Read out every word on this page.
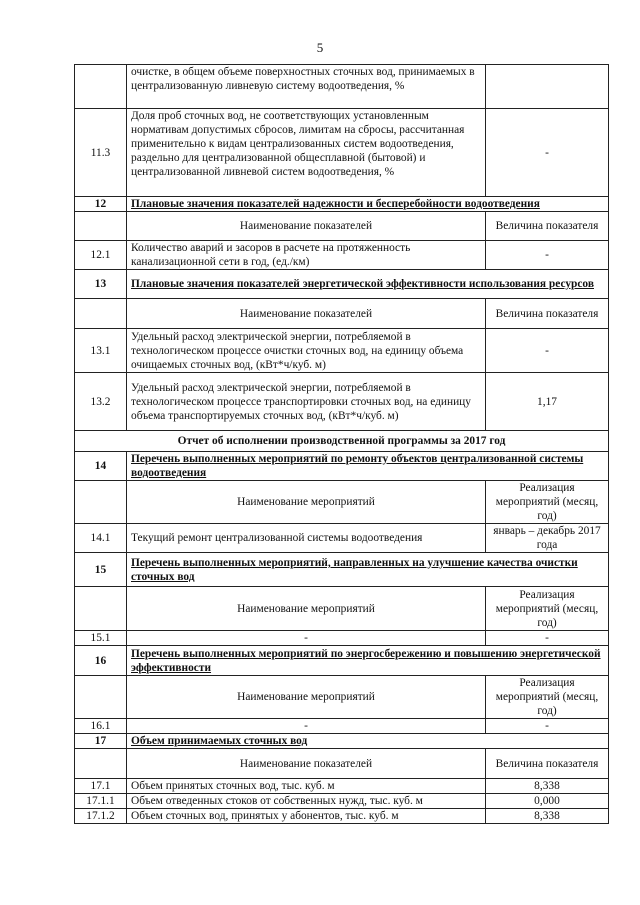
5
	очистке, в общем объеме поверхностных сточных вод, принимаемых в централизованную ливневую систему водоотведения, %	
11.3	Доля проб сточных вод, не соответствующих установленным нормативам допустимых сбросов, лимитам на сбросы, рассчитанная применительно к видам централизованных систем водоотведения, раздельно для централизованной общесплавной (бытовой) и централизованной ливневой систем водоотведения, %	-
12	Плановые значения показателей надежности и бесперебойности водоотведения	
	Наименование показателей	Величина показателя
12.1	Количество аварий и засоров в расчете на протяженность канализационной сети в год, (ед./км)	-
13	Плановые значения показателей энергетической эффективности использования ресурсов	
	Наименование показателей	Величина показателя
13.1	Удельный расход электрической энергии, потребляемой в технологическом процессе очистки сточных вод, на единицу объема очищаемых сточных вод, (кВт*ч/куб. м)	-
13.2	Удельный расход электрической энергии, потребляемой в технологическом процессе транспортировки сточных вод, на единицу объема транспортируемых сточных вод, (кВт*ч/куб. м)	1,17
Отчет об исполнении производственной программы за 2017 год		
14	Перечень выполненных мероприятий по ремонту объектов централизованной системы водоотведения	
	Наименование мероприятий	Реализация мероприятий (месяц, год)
14.1	Текущий ремонт централизованной системы водоотведения	январь – декабрь 2017 года
15	Перечень выполненных мероприятий, направленных на улучшение качества очистки сточных вод	
	Наименование мероприятий	Реализация мероприятий (месяц, год)
15.1	-	-
16	Перечень выполненных мероприятий по энергосбережению и повышению энергетической эффективности	
	Наименование мероприятий	Реализация мероприятий (месяц, год)
16.1	-	-
17	Объем принимаемых сточных вод	
	Наименование показателей	Величина показателя
17.1	Объем принятых сточных вод, тыс. куб. м	8,338
17.1.1	Объем отведенных стоков от собственных нужд, тыс. куб. м	0,000
17.1.2	Объем сточных вод, принятых у абонентов, тыс. куб. м	8,338
